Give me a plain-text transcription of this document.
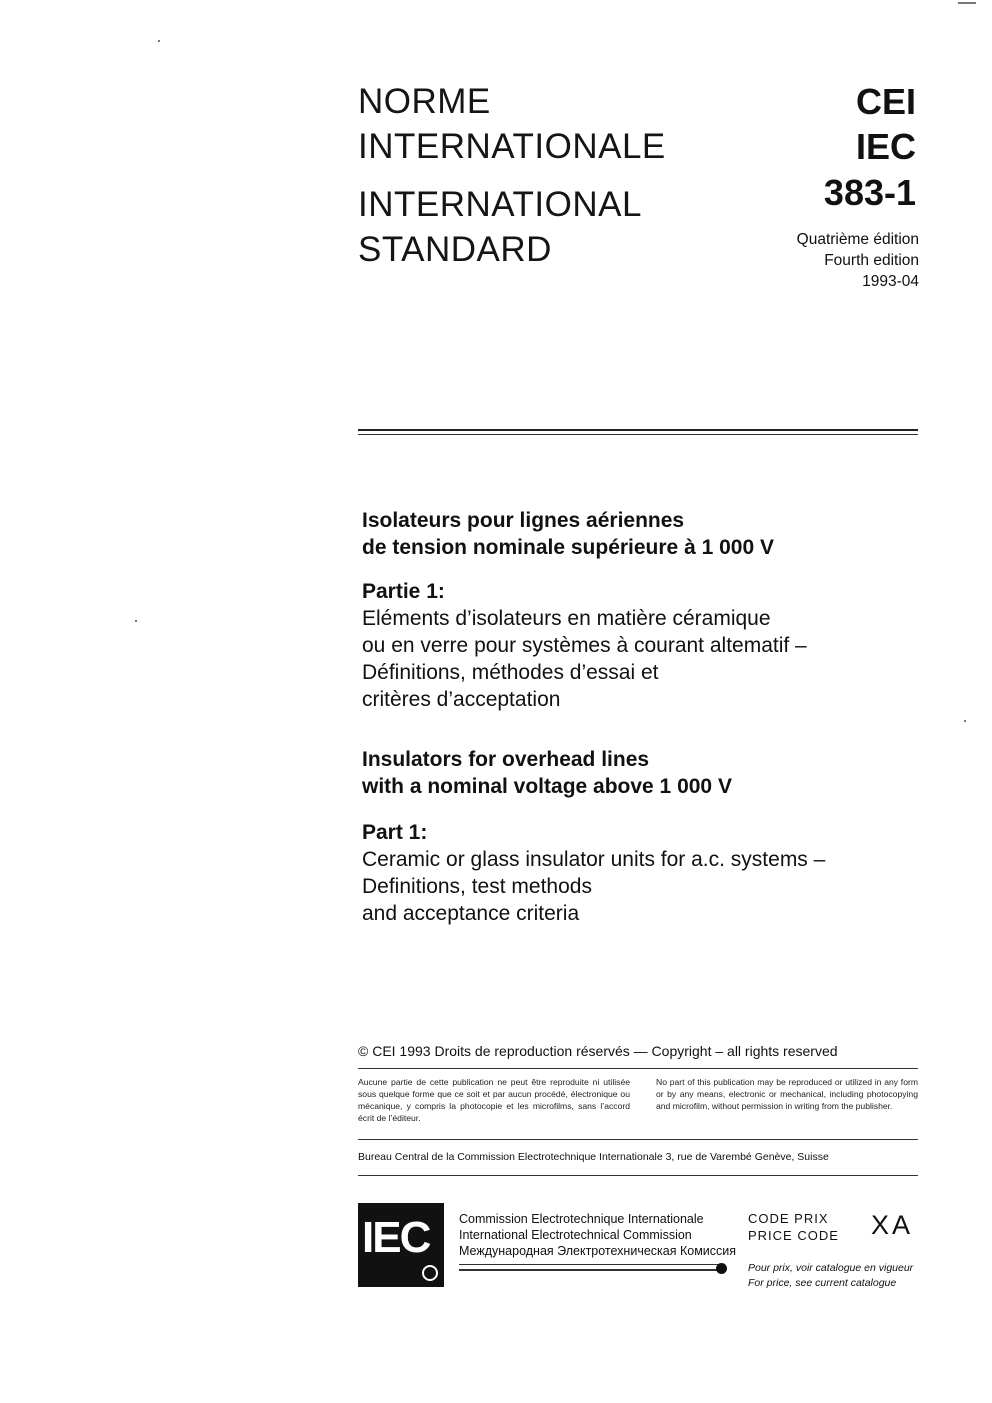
NORME
INTERNATIONALE
INTERNATIONAL
STANDARD
CEI
IEC
383-1
Quatrième édition
Fourth edition
1993-04
Isolateurs pour lignes aériennes
de tension nominale supérieure à 1 000 V
Partie 1:
Eléments d’isolateurs en matière céramique
ou en verre pour systèmes à courant altematif –
Définitions, méthodes d’essai et
critères d’acceptation
Insulators for overhead lines
with a nominal voltage above 1 000 V
Part 1:
Ceramic or glass insulator units for a.c. systems –
Definitions, test methods
and acceptance criteria
© CEI 1993 Droits de reproduction réservés — Copyright – all rights reserved
Aucune partie de cette publication ne peut être reproduite ni utilisée sous quelque forme que ce soit et par aucun procédé, électronique ou mécanique, y compris la photocopie et les microfilms, sans l’accord écrit de l’éditeur.
No part of this publication may be reproduced or utilized in any form or by any means, electronic or mechanical, including photocopying and microfilm, without permission in writing from the publisher.
Bureau Central de la Commission Electrotechnique Internationale 3, rue de Varembé Genève, Suisse
IEC Commission Electrotechnique Internationale
International Electrotechnical Commission
Международная Электротехническая Комиссия
CODE PRIX
PRICE CODE XA
Pour prix, voir catalogue en vigueur
For price, see current catalogue
